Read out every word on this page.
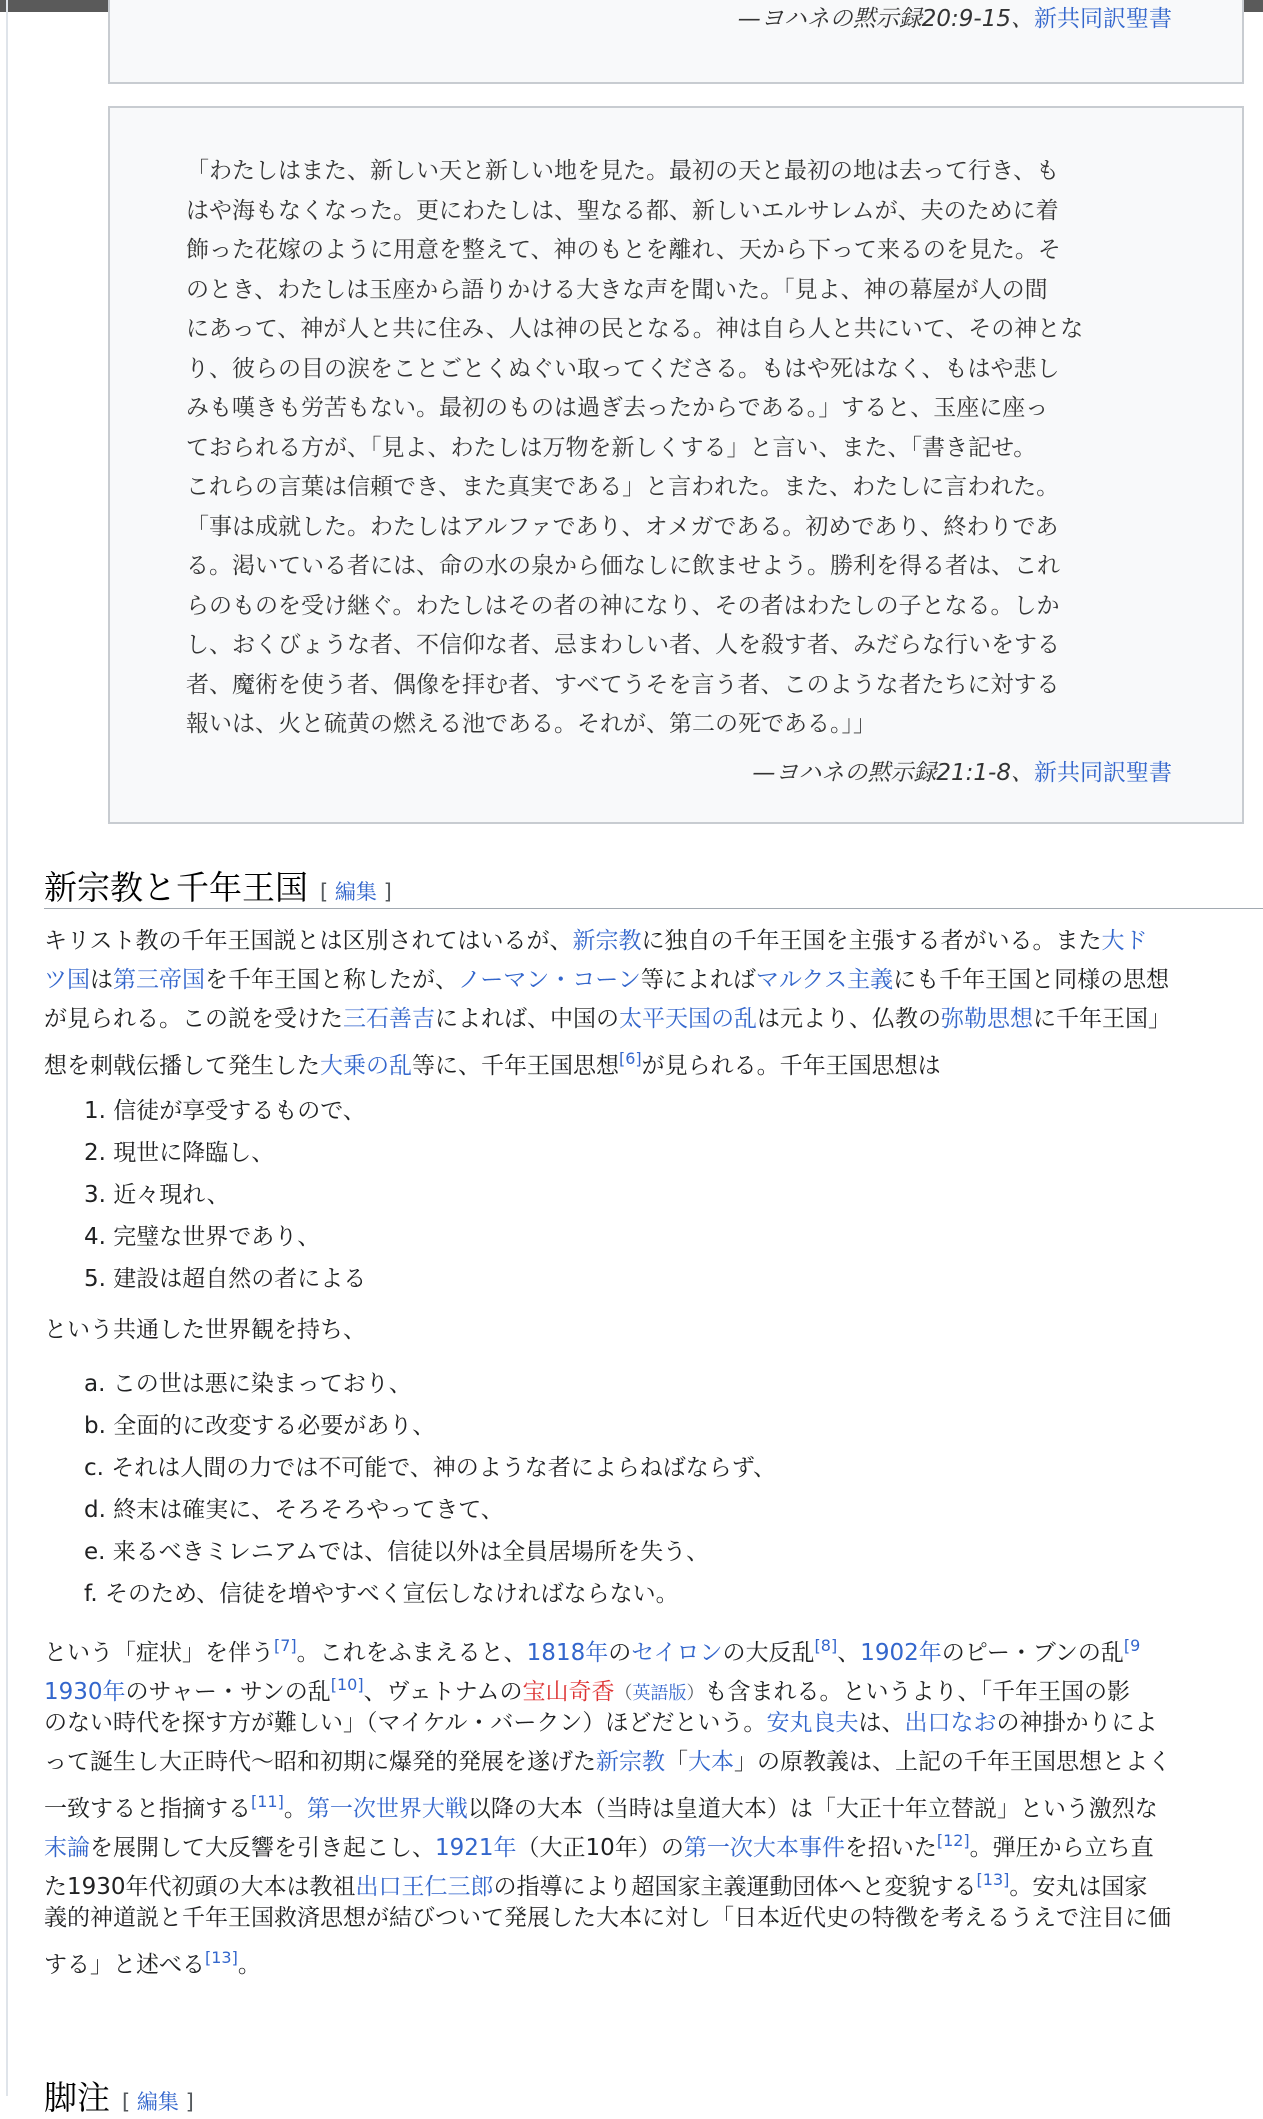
—ヨハネの黙示録20:9-15、新共同訳聖書
「わたしはまた、新しい天と新しい地を見た。最初の天と最初の地は去って行き、も
はや海もなくなった。更にわたしは、聖なる都、新しいエルサレムが、夫のために着
飾った花嫁のように用意を整えて、神のもとを離れ、天から下って来るのを見た。そ
のとき、わたしは玉座から語りかける大きな声を聞いた。「見よ、神の幕屋が人の間
にあって、神が人と共に住み、人は神の民となる。神は自ら人と共にいて、その神とな
り、彼らの目の涙をことごとくぬぐい取ってくださる。もはや死はなく、もはや悲し
みも嘆きも労苦もない。最初のものは過ぎ去ったからである。」すると、玉座に座っ
ておられる方が、「見よ、わたしは万物を新しくする」と言い、また、「書き記せ。
これらの言葉は信頼でき、また真実である」と言われた。また、わたしに言われた。
「事は成就した。わたしはアルファであり、オメガである。初めであり、終わりであ
る。渇いている者には、命の水の泉から価なしに飲ませよう。勝利を得る者は、これ
らのものを受け継ぐ。わたしはその者の神になり、その者はわたしの子となる。しか
し、おくびょうな者、不信仰な者、忌まわしい者、人を殺す者、みだらな行いをする
者、魔術を使う者、偶像を拝む者、すべてうそを言う者、このような者たちに対する
報いは、火と硫黄の燃える池である。それが、第二の死である。」」
—ヨハネの黙示録21:1-8、新共同訳聖書
新宗教と千年王国 [ 編集 ]
キリスト教の千年王国説とは区別されてはいるが、新宗教に独自の千年王国を主張する者がいる。また大ド
ツ国は第三帝国を千年王国と称したが、ノーマン・コーン等によればマルクス主義にも千年王国と同様の思想
が見られる。この説を受けた三石善吉によれば、中国の太平天国の乱は元より、仏教の弥勒思想に千年王国」
想を刺戟伝播して発生した大乗の乱等に、千年王国思想[6]が見られる。千年王国思想は
1. 信徒が享受するもので、
2. 現世に降臨し、
3. 近々現れ、
4. 完璧な世界であり、
5. 建設は超自然の者による
という共通した世界観を持ち、
a. この世は悪に染まっており、
b. 全面的に改変する必要があり、
c. それは人間の力では不可能で、神のような者によらねばならず、
d. 終末は確実に、そろそろやってきて、
e. 来るべきミレニアムでは、信徒以外は全員居場所を失う、
f. そのため、信徒を増やすべく宣伝しなければならない。
という「症状」を伴う[7]。これをふまえると、1818年のセイロンの大反乱[8]、1902年のピー・ブンの乱$^{[9}$
1930年のサャー・サンの乱[10]、ヴェトナムの宝山奇香（英語版）も含まれる。というより、「千年王国の影
のない時代を探す方が難しい」（マイケル・バークン）ほどだという。安丸良夫は、出口なおの神掛かりによ
って誕生し大正時代〜昭和初期に爆発的発展を遂げた新宗教「大本」の原教義は、上記の千年王国思想とよく
一致すると指摘する[11]。第一次世界大戦以降の大本（当時は皇道大本）は「大正十年立替説」という激烈な
末論を展開して大反響を引き起こし、1921年（大正10年）の第一次大本事件を招いた[12]。弾圧から立ち直
た1930年代初頭の大本は教祖出口王仁三郎の指導により超国家主義運動団体へと変貌する[13]。安丸は国家
義的神道説と千年王国救済思想が結びついて発展した大本に対し「日本近代史の特徴を考えるうえで注目に価
する」と述べる[13]。
脚注 [ 編集 ]
